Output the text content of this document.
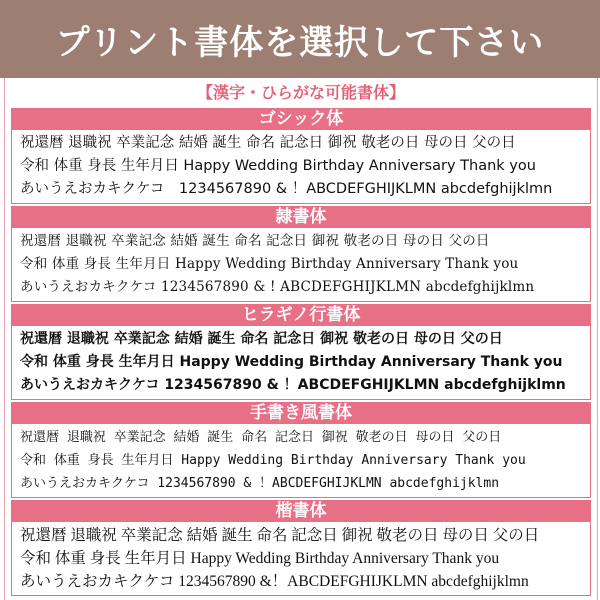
プリント書体を選択して下さい
【漢字・ひらがな可能書体】
ゴシック体
祝還暦 退職祝 卒業記念 結婚 誕生 命名 記念日 御祝 敬老の日 母の日 父の日
令和 体重 身長 生年月日 Happy Wedding Birthday Anniversary Thank you
あいうえおカキクケコ　1234567890 & ！ABCDEFGHIJKLMN abcdefghijklmn
隷書体
祝還暦 退職祝 卒業記念 結婚 誕生 命名 記念日 御祝 敬老の日 母の日 父の日
令和 体重 身長 生年月日 Happy Wedding Birthday Anniversary Thank you
あいうえおカキクケコ 1234567890 & ! ABCDEFGHIJKLMN abcdefghijklmn
ヒラギノ行書体
祝還暦 退職祝 卒業記念 結婚 誕生 命名 記念日 御祝 敬老の日 母の日 父の日
令和 体重 身長 生年月日 Happy Wedding Birthday Anniversary Thank you
あいうえおカキクケコ 1234567890 & ！ABCDEFGHIJKLMN abcdefghijklmn
手書き風書体
祝還暦 退職祝 卒業記念 結婚 誕生 命名 記念日 御祝 敬老の日 母の日 父の日
令和 体重 身長 生年月日 Happy Wedding Birthday Anniversary Thank you
あいうえおカキクケコ 1234567890 & ！ABCDEFGHIJKLMN abcdefghijklmn
楷書体
祝還暦 退職祝 卒業記念 結婚 誕生 命名 記念日 御祝 敬老の日 母の日 父の日
令和 体重 身長 生年月日 Happy Wedding Birthday Anniversary Thank you
あいうえおカキクケコ 1234567890 &！ABCDEFGHIJKLMN abcdefghijklmn
